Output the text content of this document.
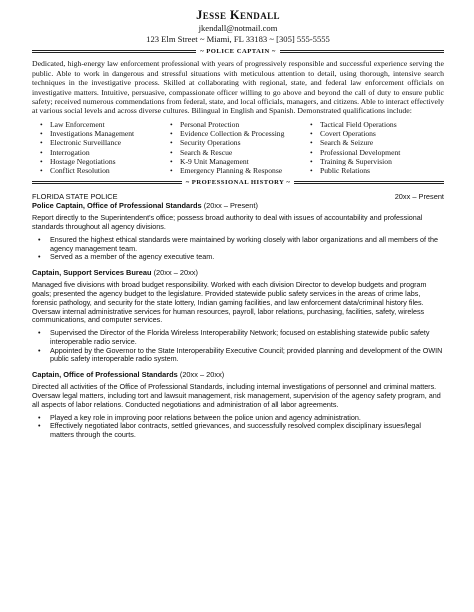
Jesse Kendall
jkendall@notmail.com
123 Elm Street ~ Miami, FL 33183 ~ [305] 555-5555
~ POLICE CAPTAIN ~

Dedicated, high-energy law enforcement professional with years of progressively responsible and successful experience serving the public. Able to work in dangerous and stressful situations with meticulous attention to detail, using thorough, intensive search techniques in the investigative process. Skilled at collaborating with regional, state, and federal law enforcement officials on investigative matters. Intuitive, persuasive, compassionate officer willing to go above and beyond the call of duty to ensure public safety; received numerous commendations from federal, state, and local officials, managers, and citizens. Able to interact effectively at various social levels and across diverse cultures. Bilingual in English and Spanish. Demonstrated qualifications include:

• Law Enforcement
• Investigations Management
• Electronic Surveillance
• Interrogation
• Hostage Negotiations
• Conflict Resolution
• Personal Protection
• Evidence Collection & Processing
• Security Operations
• Search & Rescue
• K-9 Unit Management
• Emergency Planning & Response
• Tactical Field Operations
• Covert Operations
• Search & Seizure
• Professional Development
• Training & Supervision
• Public Relations
~ PROFESSIONAL HISTORY ~
FLORIDA STATE POLICE	20xx – Present
Police Captain, Office of Professional Standards (20xx – Present)

Report directly to the Superintendent's office; possess broad authority to deal with issues of accountability and professional standards throughout all agency divisions.

• Ensured the highest ethical standards were maintained by working closely with labor organizations and all members of the agency management team.
• Served as a member of the agency executive team.
Captain, Support Services Bureau (20xx – 20xx)

Managed five divisions with broad budget responsibility. Worked with each division Director to develop budgets and program goals; presented the agency budget to the legislature. Provided statewide public safety services in the areas of crime labs, forensic pathology, and security for the state lottery, Indian gaming facilities, and law enforcement data/criminal history files. Oversaw internal administrative services for human resources, payroll, labor relations, purchasing, facilities, safety, wireless communications, and computer services.

• Supervised the Director of the Florida Wireless Interoperability Network; focused on establishing statewide public safety interoperable radio service.
• Appointed by the Governor to the State Interoperability Executive Council; provided planning and development of the OWIN public safety interoperable radio system.
Captain, Office of Professional Standards (20xx – 20xx)

Directed all activities of the Office of Professional Standards, including internal investigations of personnel and criminal matters. Oversaw legal matters, including tort and lawsuit management, risk management, supervision of the agency safety program, and all aspects of labor relations. Conducted negotiations and administration of all labor agreements.

• Played a key role in improving poor relations between the police union and agency administration.
• Effectively negotiated labor contracts, settled grievances, and successfully resolved complex disciplinary issues/legal matters through the courts.
